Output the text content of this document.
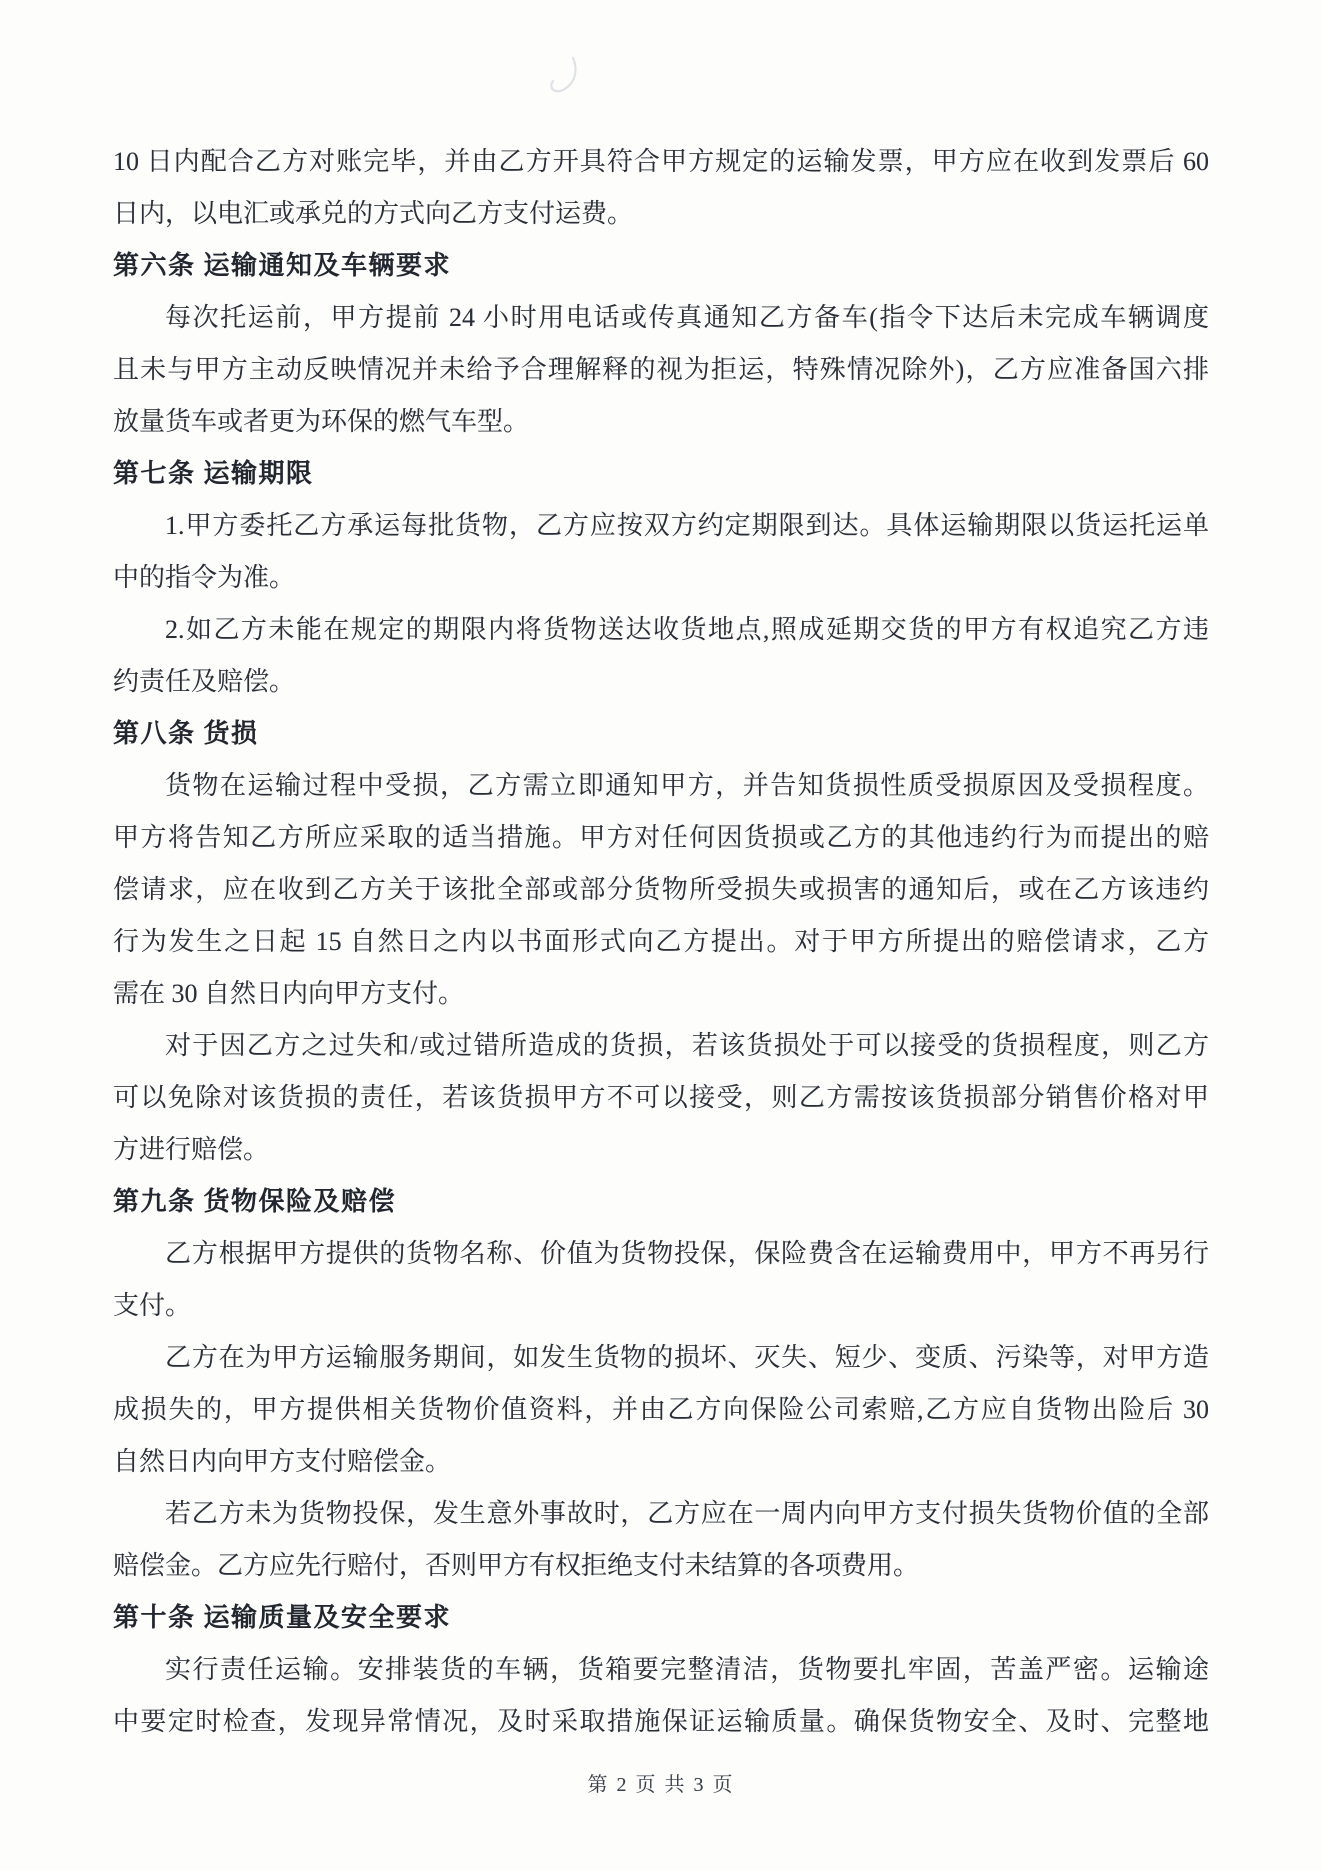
10 日内配合乙方对账完毕，并由乙方开具符合甲方规定的运输发票，甲方应在收到发票后 60
日内，以电汇或承兑的方式向乙方支付运费。
第六条 运输通知及车辆要求
每次托运前，甲方提前 24 小时用电话或传真通知乙方备车(指令下达后未完成车辆调度
且未与甲方主动反映情况并未给予合理解释的视为拒运，特殊情况除外)，乙方应准备国六排
放量货车或者更为环保的燃气车型。
第七条 运输期限
1.甲方委托乙方承运每批货物，乙方应按双方约定期限到达。具体运输期限以货运托运单
中的指令为准。
2.如乙方未能在规定的期限内将货物送达收货地点,照成延期交货的甲方有权追究乙方违
约责任及赔偿。
第八条 货损
货物在运输过程中受损，乙方需立即通知甲方，并告知货损性质受损原因及受损程度。
甲方将告知乙方所应采取的适当措施。甲方对任何因货损或乙方的其他违约行为而提出的赔
偿请求，应在收到乙方关于该批全部或部分货物所受损失或损害的通知后，或在乙方该违约
行为发生之日起 15 自然日之内以书面形式向乙方提出。对于甲方所提出的赔偿请求，乙方
需在 30 自然日内向甲方支付。
对于因乙方之过失和/或过错所造成的货损，若该货损处于可以接受的货损程度，则乙方
可以免除对该货损的责任，若该货损甲方不可以接受，则乙方需按该货损部分销售价格对甲
方进行赔偿。
第九条 货物保险及赔偿
乙方根据甲方提供的货物名称、价值为货物投保，保险费含在运输费用中，甲方不再另行
支付。
乙方在为甲方运输服务期间，如发生货物的损坏、灭失、短少、变质、污染等，对甲方造
成损失的，甲方提供相关货物价值资料，并由乙方向保险公司索赔,乙方应自货物出险后 30
自然日内向甲方支付赔偿金。
若乙方未为货物投保，发生意外事故时，乙方应在一周内向甲方支付损失货物价值的全部
赔偿金。乙方应先行赔付，否则甲方有权拒绝支付未结算的各项费用。
第十条 运输质量及安全要求
实行责任运输。安排装货的车辆，货箱要完整清洁，货物要扎牢固，苦盖严密。运输途
中要定时检查，发现异常情况，及时采取措施保证运输质量。确保货物安全、及时、完整地
第 2 页 共 3 页
